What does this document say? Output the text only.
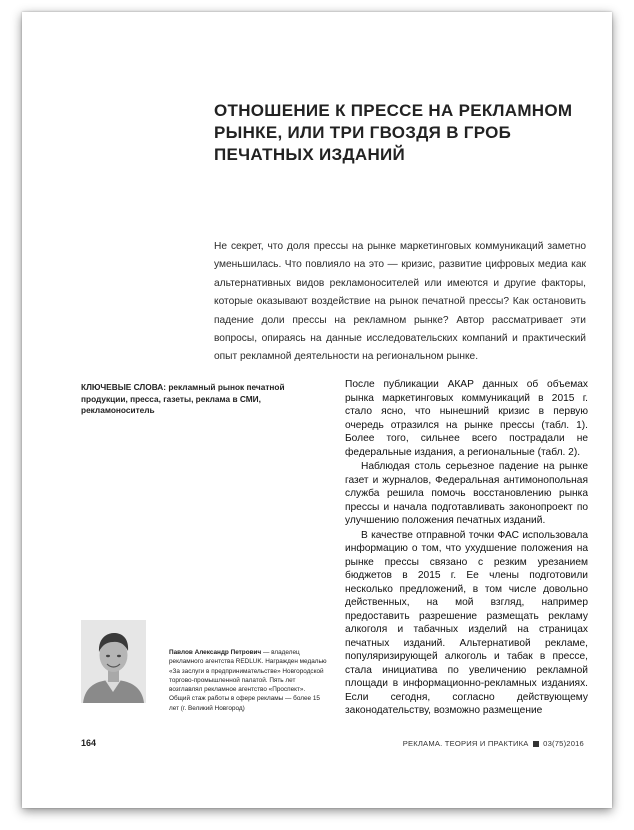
ОТНОШЕНИЕ К ПРЕССЕ НА РЕКЛАМНОМ РЫНКЕ, ИЛИ ТРИ ГВОЗДЯ В ГРОБ ПЕЧАТНЫХ ИЗДАНИЙ

Не секрет, что доля прессы на рынке маркетинговых коммуникаций заметно уменьшилась. Что повлияло на это — кризис, развитие цифровых медиа как альтернативных видов рекламоносителей или имеются и другие факторы, которые оказывают воздействие на рынок печатной прессы? Как остановить падение доли прессы на рекламном рынке? Автор рассматривает эти вопросы, опираясь на данные исследовательских компаний и практический опыт рекламной деятельности на региональном рынке.

КЛЮЧЕВЫЕ СЛОВА: рекламный рынок печатной продукции, пресса, газеты, реклама в СМИ, рекламоноситель

После публикации АКАР данных об объемах рынка маркетинговых коммуникаций в 2015 г. стало ясно, что нынешний кризис в первую очередь отразился на рынке прессы (табл. 1). Более того, сильнее всего пострадали не федеральные издания, а региональные (табл. 2).

Наблюдая столь серьезное падение на рынке газет и журналов, Федеральная антимонопольная служба решила помочь восстановлению рынка прессы и начала подготавливать законопроект по улучшению положения печатных изданий.

В качестве отправной точки ФАС использовала информацию о том, что ухудшение положения на рынке прессы связано с резким урезанием бюджетов в 2015 г. Ее члены подготовили несколько предложений, в том числе довольно действенных, на мой взгляд, например предоставить разрешение размещать рекламу алкоголя и табачных изделий на страницах печатных изданий. Альтернативой рекламе, популяризирующей алкоголь и табак в прессе, стала инициатива по увеличению рекламной площади в информационно-рекламных изданиях. Если сегодня, согласно действующему законодательству, возможно размещение

Павлов Александр Петрович — владелец рекламного агентства REDLUK. Награжден медалью «За заслуги в предпринимательстве» Новгородской торгово-промышленной палатой. Пять лет возглавлял рекламное агентство «Проспект». Общий стаж работы в сфере рекламы — более 15 лет (г. Великий Новгород)

164	РЕКЛАМА. ТЕОРИЯ И ПРАКТИКА 03(75)2016
